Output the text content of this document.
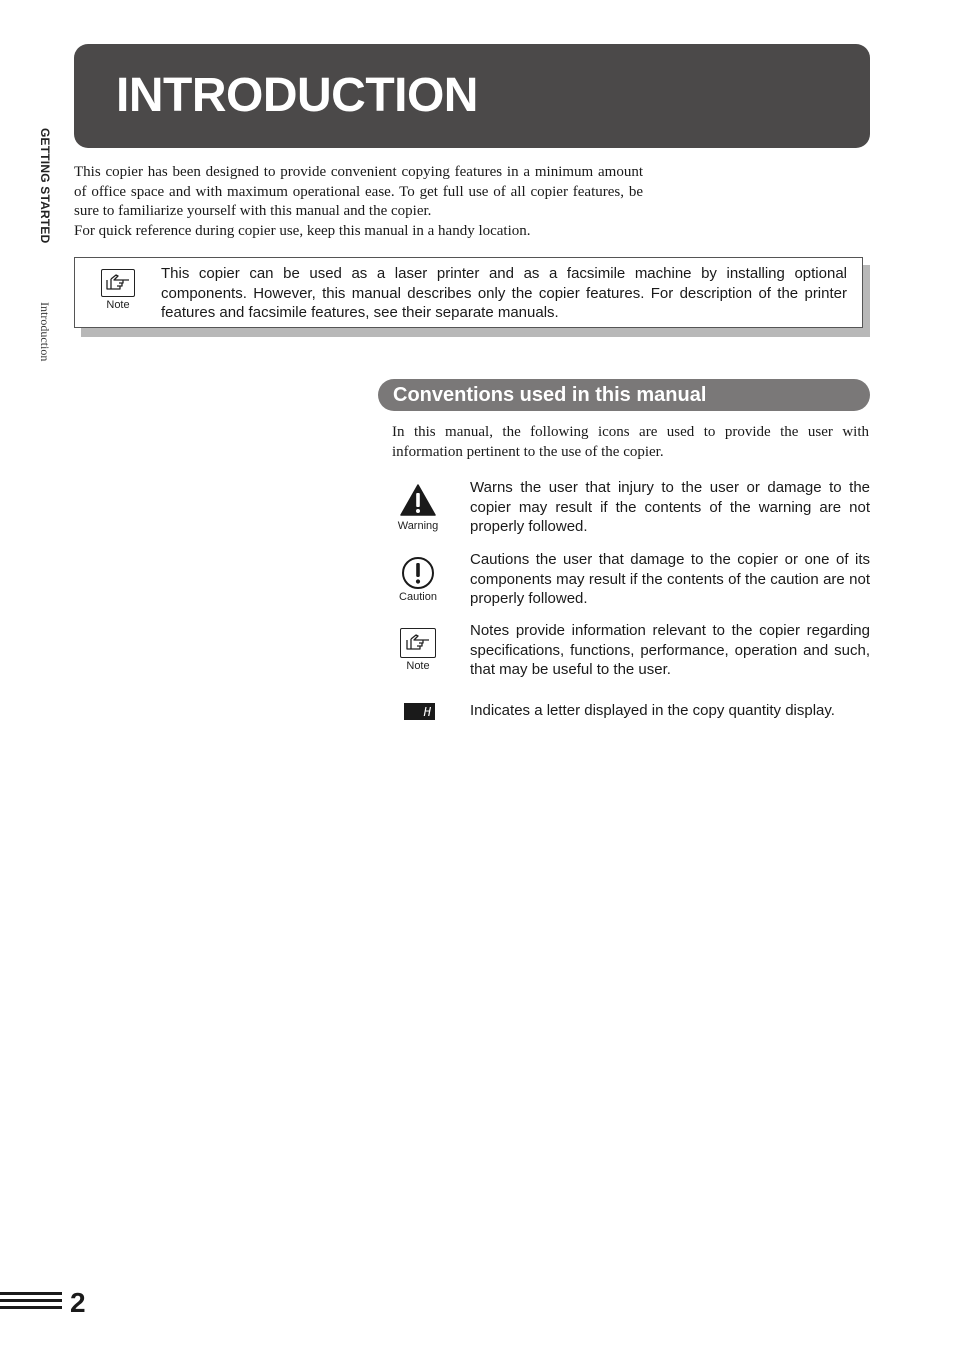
GETTING STARTED
Introduction
INTRODUCTION

This copier has been designed to provide convenient copying features in a minimum amount of office space and with maximum operational ease. To get full use of all copier features, be sure to familiarize yourself with this manual and the copier.

For quick reference during copier use, keep this manual in a handy location.

Note

This copier can be used as a laser printer and as a facsimile machine by installing optional components. However, this manual describes only the copier features. For description of the printer features and facsimile features, see their separate manuals.

Conventions used in this manual

In this manual, the following icons are used to provide the user with information pertinent to the use of the copier.

Warning

Warns the user that injury to the user or damage to the copier may result if the contents of the warning are not properly followed.

Caution

Cautions the user that damage to the copier or one of its components may result if the contents of the caution are not properly followed.

Note

Notes provide information relevant to the copier regarding specifications, functions, performance, operation and such, that may be useful to the user.

H	Indicates a letter displayed in the copy quantity display.

2
